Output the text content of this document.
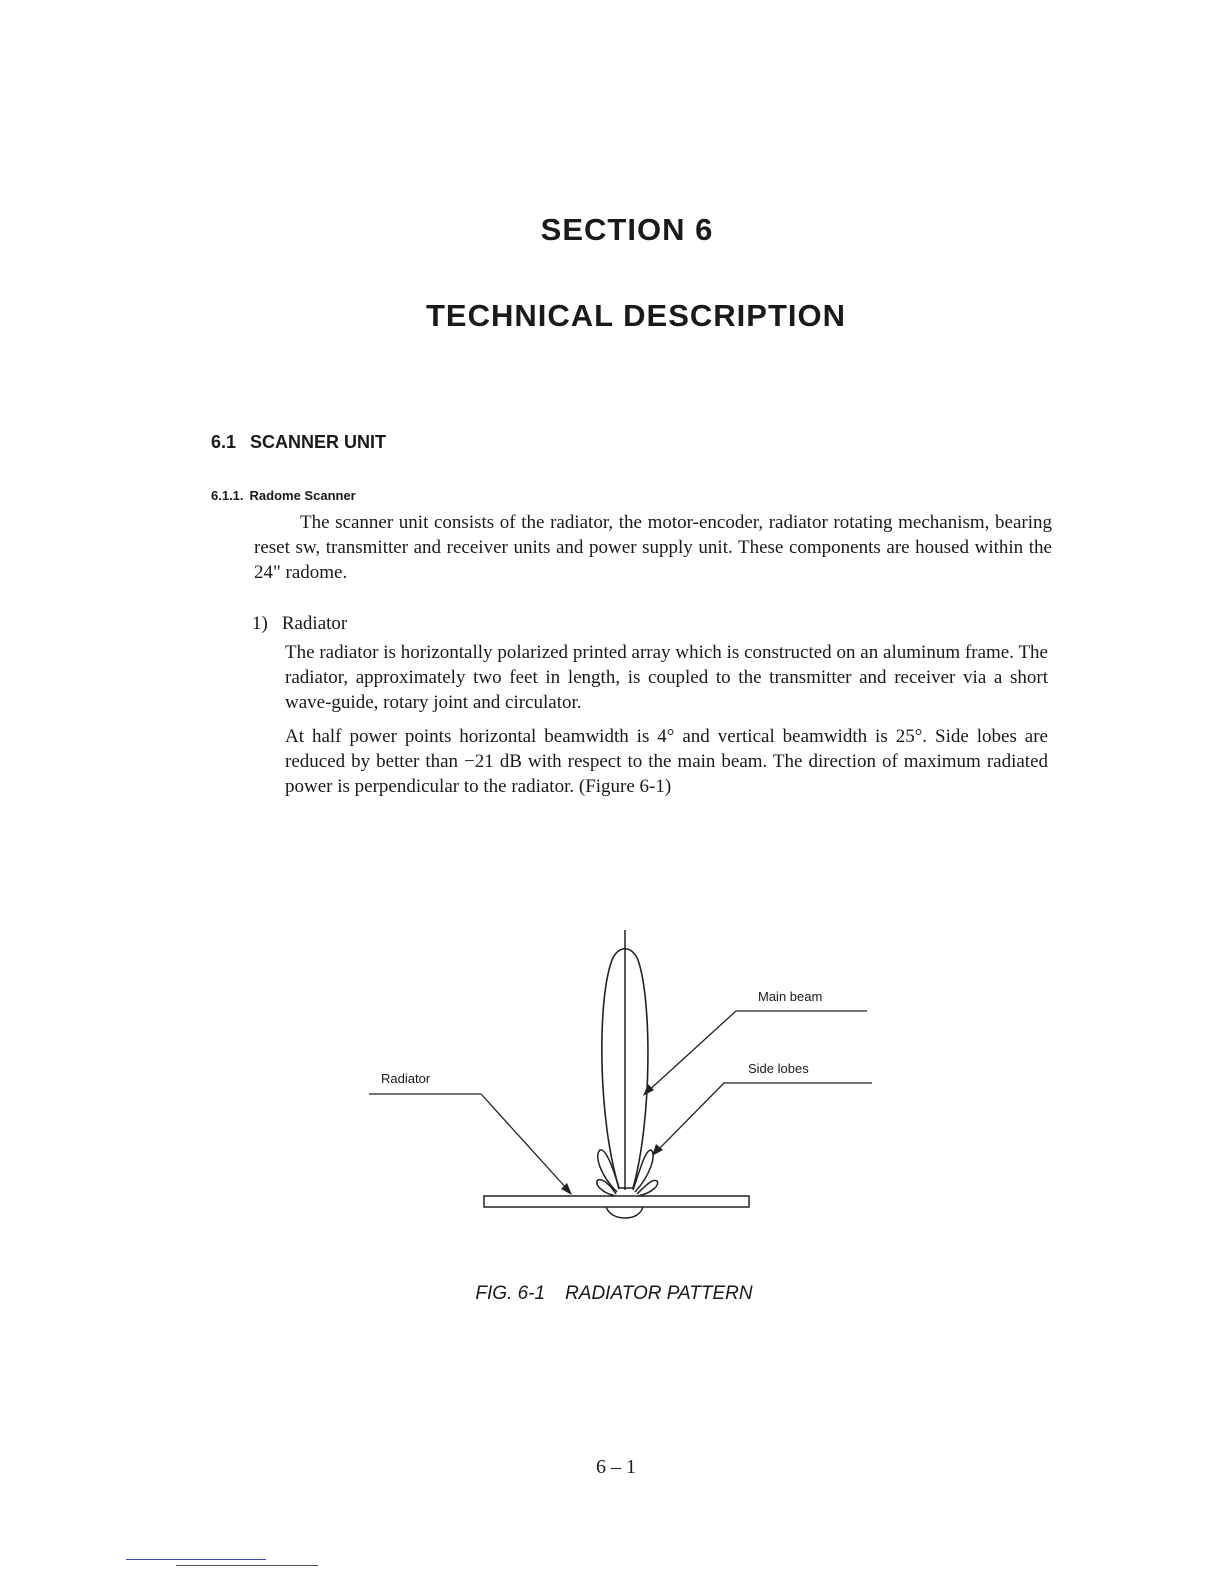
SECTION 6
TECHNICAL DESCRIPTION
6.1 SCANNER UNIT
6.1.1. Radome Scanner

The scanner unit consists of the radiator, the motor-encoder, radiator rotating mechanism, bearing reset sw, transmitter and receiver units and power supply unit. These components are housed within the 24" radome.

1) Radiator

The radiator is horizontally polarized printed array which is constructed on an aluminum frame. The radiator, approximately two feet in length, is coupled to the transmitter and receiver via a short wave-guide, rotary joint and circulator.

At half power points horizontal beamwidth is 4° and vertical beamwidth is 25°. Side lobes are reduced by better than −21 dB with respect to the main beam. The direction of maximum radiated power is perpendicular to the radiator. (Figure 6-1)

Main beam
Side lobes
Radiator
FIG. 6-1 RADIATOR PATTERN
6 – 1
